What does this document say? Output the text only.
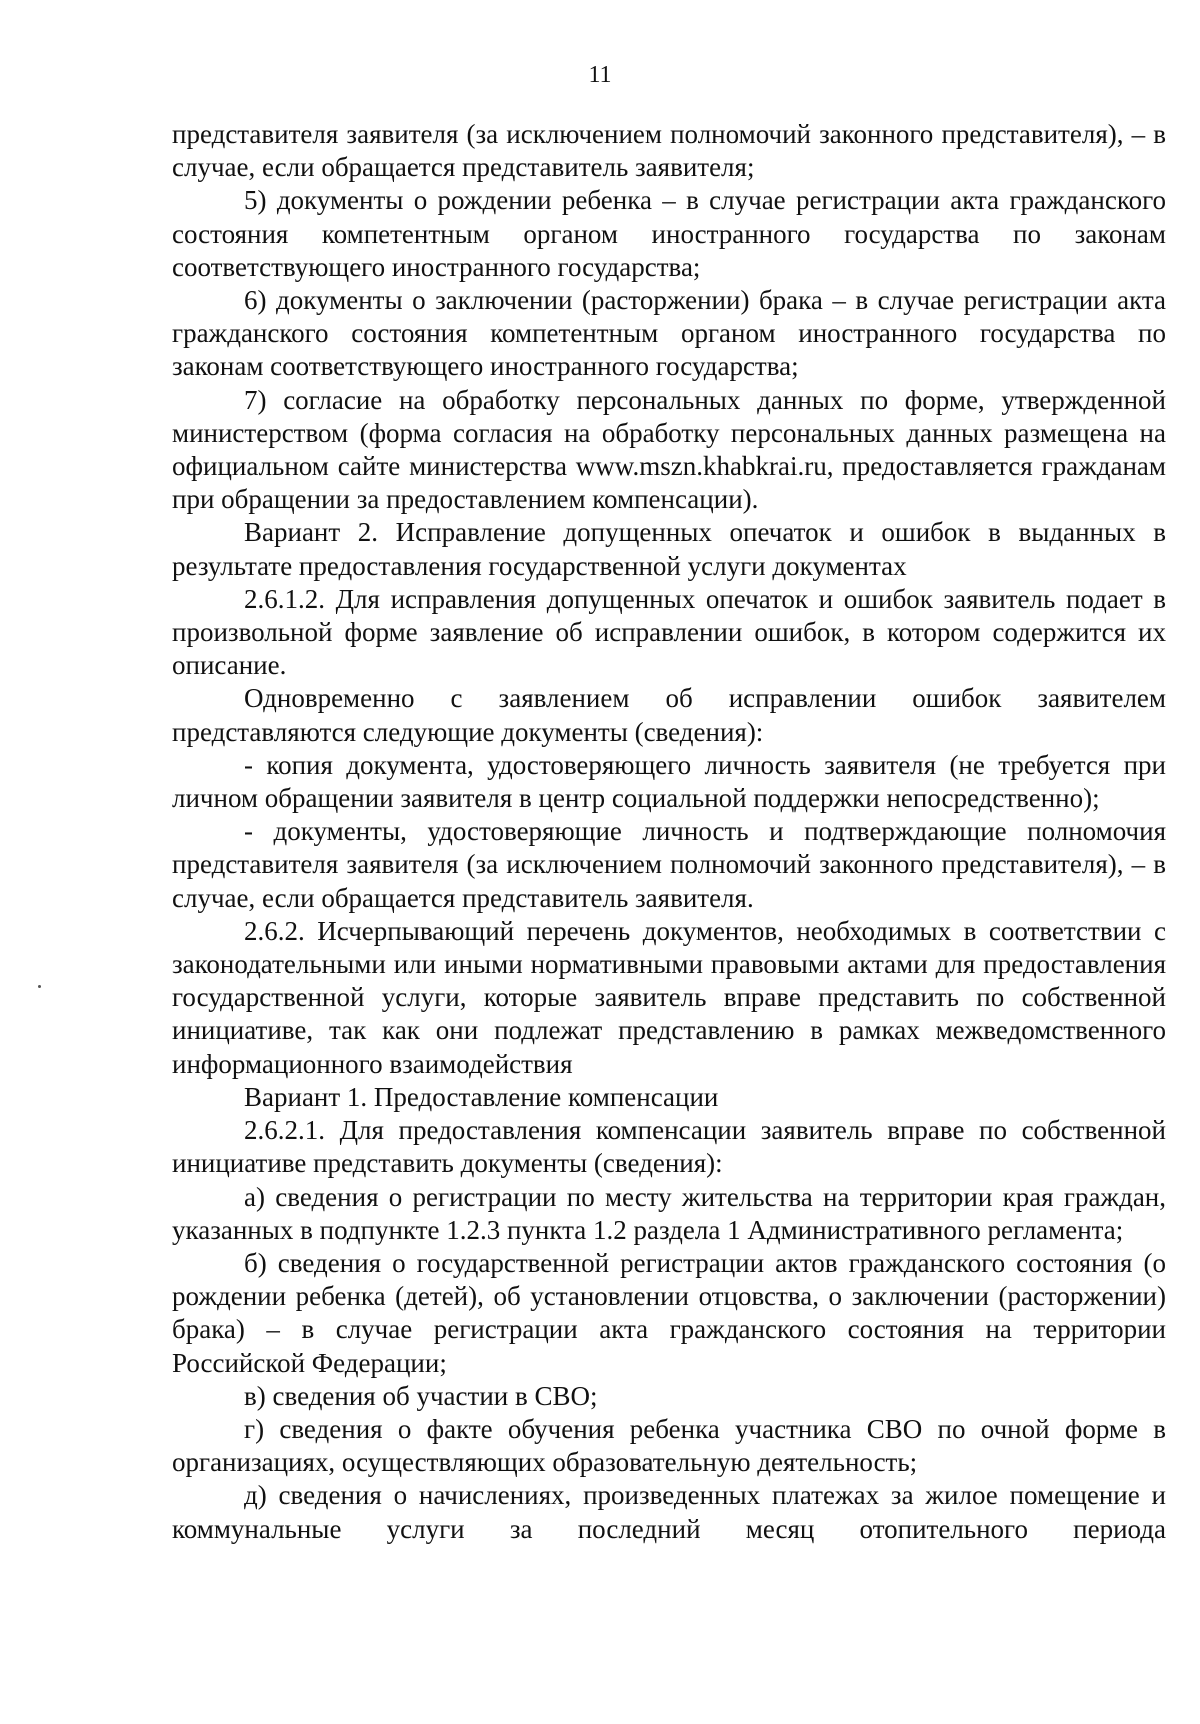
11

представителя заявителя (за исключением полномочий законного представителя), – в случае, если обращается представитель заявителя;

5) документы о рождении ребенка – в случае регистрации акта гражданского состояния компетентным органом иностранного государства по законам соответствующего иностранного государства;

6) документы о заключении (расторжении) брака – в случае регистрации акта гражданского состояния компетентным органом иностранного государства по законам соответствующего иностранного государства;

7) согласие на обработку персональных данных по форме, утвержденной министерством (форма согласия на обработку персональных данных размещена на официальном сайте министерства www.mszn.khabkrai.ru, предоставляется гражданам при обращении за предоставлением компенсации).

Вариант 2. Исправление допущенных опечаток и ошибок в выданных в результате предоставления государственной услуги документах

2.6.1.2. Для исправления допущенных опечаток и ошибок заявитель подает в произвольной форме заявление об исправлении ошибок, в котором содержится их описание.

Одновременно с заявлением об исправлении ошибок заявителем представляются следующие документы (сведения):

- копия документа, удостоверяющего личность заявителя (не требуется при личном обращении заявителя в центр социальной поддержки непосредственно);

- документы, удостоверяющие личность и подтверждающие полномочия представителя заявителя (за исключением полномочий законного представителя), – в случае, если обращается представитель заявителя.

2.6.2. Исчерпывающий перечень документов, необходимых в соответствии с законодательными или иными нормативными правовыми актами для предоставления государственной услуги, которые заявитель вправе представить по собственной инициативе, так как они подлежат представлению в рамках межведомственного информационного взаимодействия

Вариант 1. Предоставление компенсации

2.6.2.1. Для предоставления компенсации заявитель вправе по собственной инициативе представить документы (сведения):

а) сведения о регистрации по месту жительства на территории края граждан, указанных в подпункте 1.2.3 пункта 1.2 раздела 1 Административного регламента;

б) сведения о государственной регистрации актов гражданского состояния (о рождении ребенка (детей), об установлении отцовства, о заключении (расторжении) брака) – в случае регистрации акта гражданского состояния на территории Российской Федерации;

в) сведения об участии в СВО;

г) сведения о факте обучения ребенка участника СВО по очной форме в организациях, осуществляющих образовательную деятельность;

д) сведения о начислениях, произведенных платежах за жилое помещение и коммунальные услуги за последний месяц отопительного периода
